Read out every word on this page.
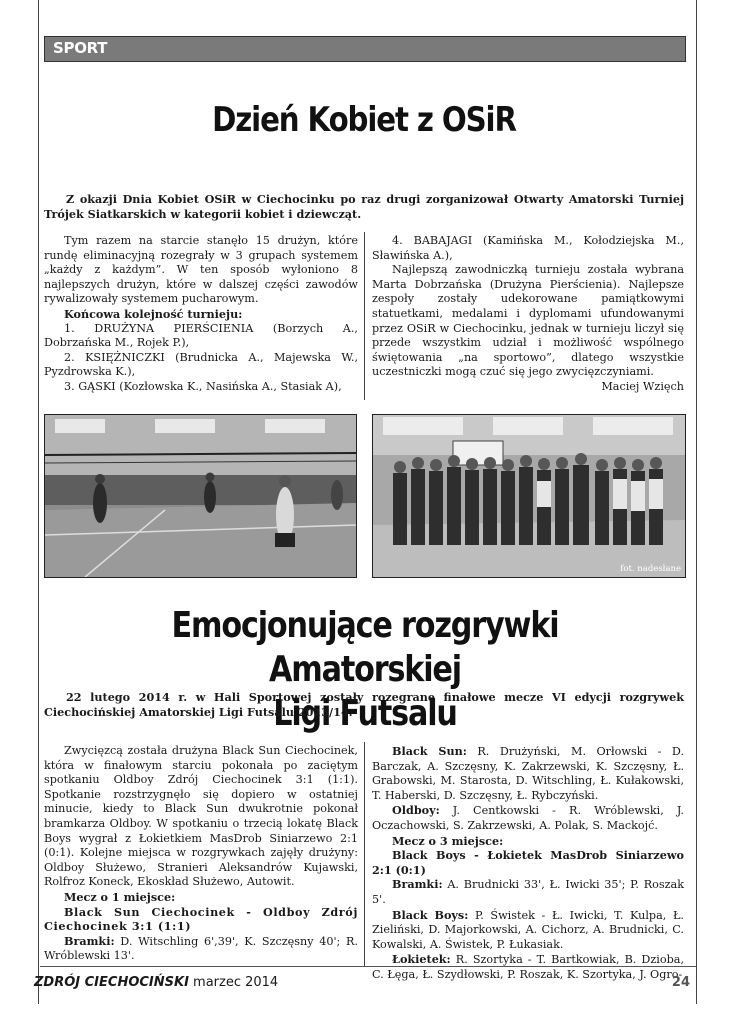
SPORT
Dzień Kobiet z OSiR
Z okazji Dnia Kobiet OSiR w Ciechocinku po raz drugi zorganizował Otwarty Amatorski Turniej Trójek Siatkarskich w kategorii kobiet i dziewcząt.

Tym razem na starcie stanęło 15 drużyn, które rundę eliminacyjną rozegrały w 3 grupach systemem „każdy z każdym”. W ten sposób wyłoniono 8 najlepszych drużyn, które w dalszej części zawodów rywalizowały systemem pucharowym.

Końcowa kolejność turnieju:

1. DRUŻYNA PIERŚCIENIA (Borzych A., Dobrzańska M., Rojek P.),

2. KSIĘŻNICZKI (Brudnicka A., Majewska W., Pyzdrowska K.),

3. GĄSKI (Kozłowska K., Nasińska A., Stasiak A),

4. BABAJAGI (Kamińska M., Kołodziejska M., Sławińska A.),

Najlepszą zawodniczką turnieju została wybrana Marta Dobrzańska (Drużyna Pierścienia). Najlepsze zespoły zostały udekorowane pamiątkowymi statuetkami, medalami i dyplomami ufundowanymi przez OSiR w Ciechocinku, jednak w turnieju liczył się przede wszystkim udział i możliwość wspólnego świętowania „na sportowo”, dlatego wszystkie uczestniczki mogą czuć się jego zwycięzczyniami.

Maciej Wzięch

fot. nadesłane
Emocjonujące rozgrywki Amatorskiej
Ligi Futsalu
22 lutego 2014 r. w Hali Sportowej zostały rozegrane finałowe mecze VI edycji rozgrywek Ciechocińskiej Amatorskiej Ligi Futsalu 2013/14.

Zwycięzcą została drużyna Black Sun Ciechocinek, która w finałowym starciu pokonała po zaciętym spotkaniu Oldboy Zdrój Ciechocinek 3:1 (1:1). Spotkanie rozstrzygnęło się dopiero w ostatniej minucie, kiedy to Black Sun dwukrotnie pokonał bramkarza Oldboy. W spotkaniu o trzecią lokatę Black Boys wygrał z Łokietkiem MasDrob Siniarzewo 2:1 (0:1). Kolejne miejsca w rozgrywkach zajęły drużyny: Oldboy Służewo, Stranieri Aleksandrów Kujawski, Rolfroz Koneck, Ekoskład Służewo, Autowit.

Mecz o 1 miejsce:

Black Sun Ciechocinek - Oldboy Zdrój Ciechocinek 3:1 (1:1)

Bramki: D. Witschling 6',39', K. Szczęsny 40'; R. Wróblewski 13'.

Black Sun: R. Drużyński, M. Orłowski - D. Barczak, A. Szczęsny, K. Zakrzewski, K. Szczęsny, Ł. Grabowski, M. Starosta, D. Witschling, Ł. Kułakowski, T. Haberski, D. Szczęsny, Ł. Rybczyński.

Oldboy: J. Centkowski - R. Wróblewski, J. Oczachowski, S. Zakrzewski, A. Polak, S. Mackojć.

Mecz o 3 miejsce:

Black Boys - Łokietek MasDrob Siniarzewo 2:1 (0:1)

Bramki: A. Brudnicki 33', Ł. Iwicki 35'; P. Roszak 5'.

Black Boys: P. Świstek - Ł. Iwicki, T. Kulpa, Ł. Zieliński, D. Majorkowski, A. Cichorz, A. Brudnicki, C. Kowalski, A. Świstek, P. Łukasiak.

Łokietek: R. Szortyka - T. Bartkowiak, B. Dzioba, C. Łęga, Ł. Szydłowski, P. Roszak, K. Szortyka, J. Ogro-

ZDRÓJ CIECHOCIŃSKI marzec 2014	24
